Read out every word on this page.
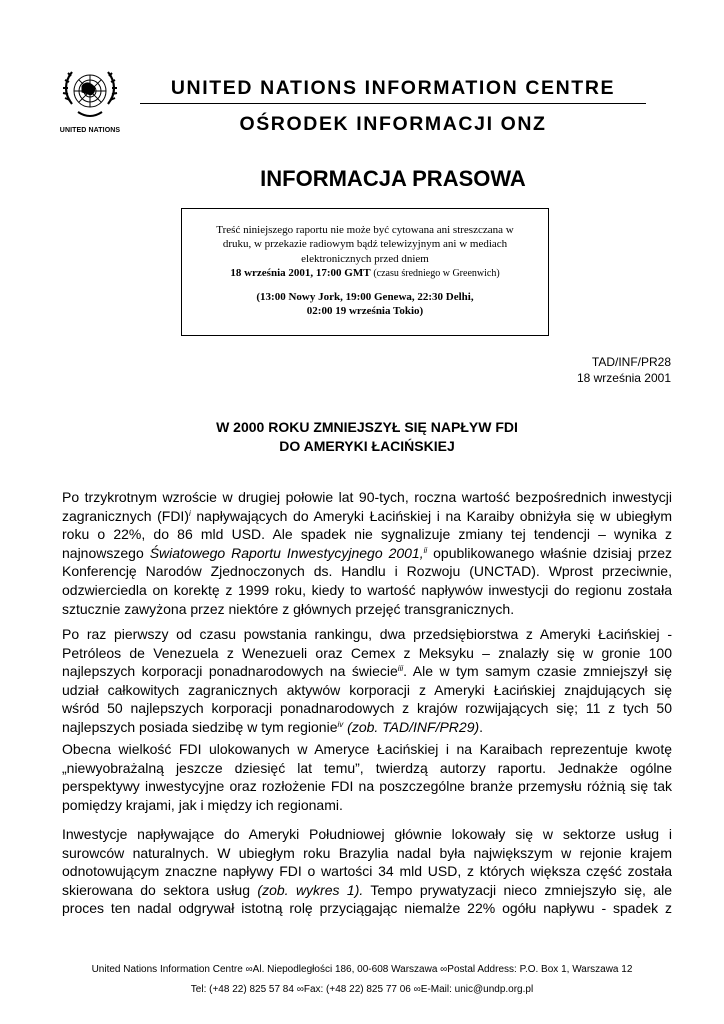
UNITED NATIONS
UNITED NATIONS INFORMATION CENTRE
OŚRODEK INFORMACJI ONZ
INFORMACJA PRASOWA
Treść niniejszego raportu nie może być cytowana ani streszczana w
druku, w przekazie radiowym bądź telewizyjnym ani w mediach
elektronicznych przed dniem
18 września 2001, 17:00 GMT (czasu średniego w Greenwich)
(13:00 Nowy Jork, 19:00 Genewa, 22:30 Delhi,
02:00 19 września Tokio)
TAD/INF/PR28
18 września 2001
W 2000 ROKU ZMNIEJSZYŁ SIĘ NAPŁYW FDI
DO AMERYKI ŁACIŃSKIEJ
Po trzykrotnym wzroście w drugiej połowie lat 90-tych, roczna wartość bezpośrednich inwestycji
zagranicznych (FDI)$^i$ napływających do Ameryki Łacińskiej i na Karaiby obniżyła się w ubiegłym
roku o 22%, do 86 mld USD. Ale spadek nie sygnalizuje zmiany tej tendencji – wynika z
najnowszego Światowego Raportu Inwestycyjnego 2001,$^{ii}$ opublikowanego właśnie dzisiaj przez
Konferencję Narodów Zjednoczonych ds. Handlu i Rozwoju (UNCTAD). Wprost przeciwnie,
odzwierciedla on korektę z 1999 roku, kiedy to wartość napływów inwestycji do regionu została
sztucznie zawyżona przez niektóre z głównych przejęć transgranicznych.
Po raz pierwszy od czasu powstania rankingu, dwa przedsiębiorstwa z Ameryki Łacińskiej -
Petróleos de Venezuela z Wenezueli oraz Cemex z Meksyku – znalazły się w gronie 100
najlepszych korporacji ponadnarodowych na świecie$^{iii}$. Ale w tym samym czasie zmniejszył się
udział całkowitych zagranicznych aktywów korporacji z Ameryki Łacińskiej znajdujących się
wśród 50 najlepszych korporacji ponadnarodowych z krajów rozwijających się; 11 z tych 50
najlepszych posiada siedzibę w tym regionie$^{iv}$ (zob. TAD/INF/PR29).
Obecna wielkość FDI ulokowanych w Ameryce Łacińskiej i na Karaibach reprezentuje kwotę
„niewyobrażalną jeszcze dziesięć lat temu”, twierdzą autorzy raportu. Jednakże ogólne
perspektywy inwestycyjne oraz rozłożenie FDI na poszczególne branże przemysłu różnią się tak
pomiędzy krajami, jak i między ich regionami.
Inwestycje napływające do Ameryki Południowej głównie lokowały się w sektorze usług i
surowców naturalnych. W ubiegłym roku Brazylia nadal była największym w rejonie krajem
odnotowującym znaczne napływy FDI o wartości 34 mld USD, z których większa część została
skierowana do sektora usług (zob. wykres 1). Tempo prywatyzacji nieco zmniejszyło się, ale
proces ten nadal odgrywał istotną rolę przyciągając niemalże 22% ogółu napływu - spadek z
United Nations Information Centre ∞Al. Niepodległości 186, 00-608 Warszawa ∞Postal Address: P.O. Box 1, Warszawa 12
Tel: (+48 22) 825 57 84 ∞Fax: (+48 22) 825 77 06 ∞E-Mail: unic@undp.org.pl
